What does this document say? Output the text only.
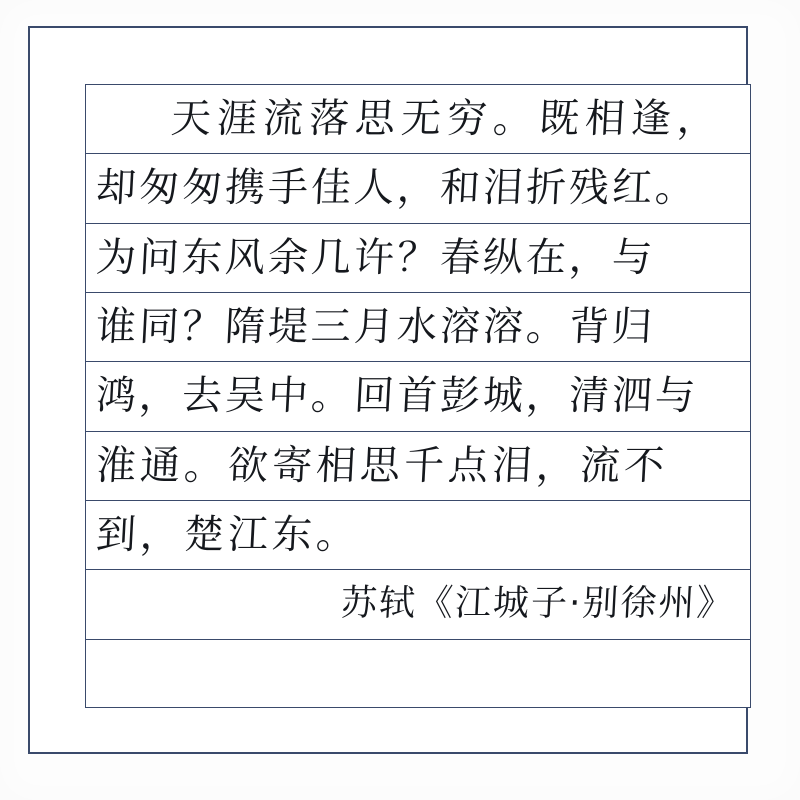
天涯流落思无穷。既相逢，
却匆匆携手佳人，和泪折残红。
为问东风余几许？春纵在，与
谁同？隋堤三月水溶溶。背归
鸿，去吴中。回首彭城，清泗与
淮通。欲寄相思千点泪，流不
到，楚江东。
苏轼《江城子·别徐州》
